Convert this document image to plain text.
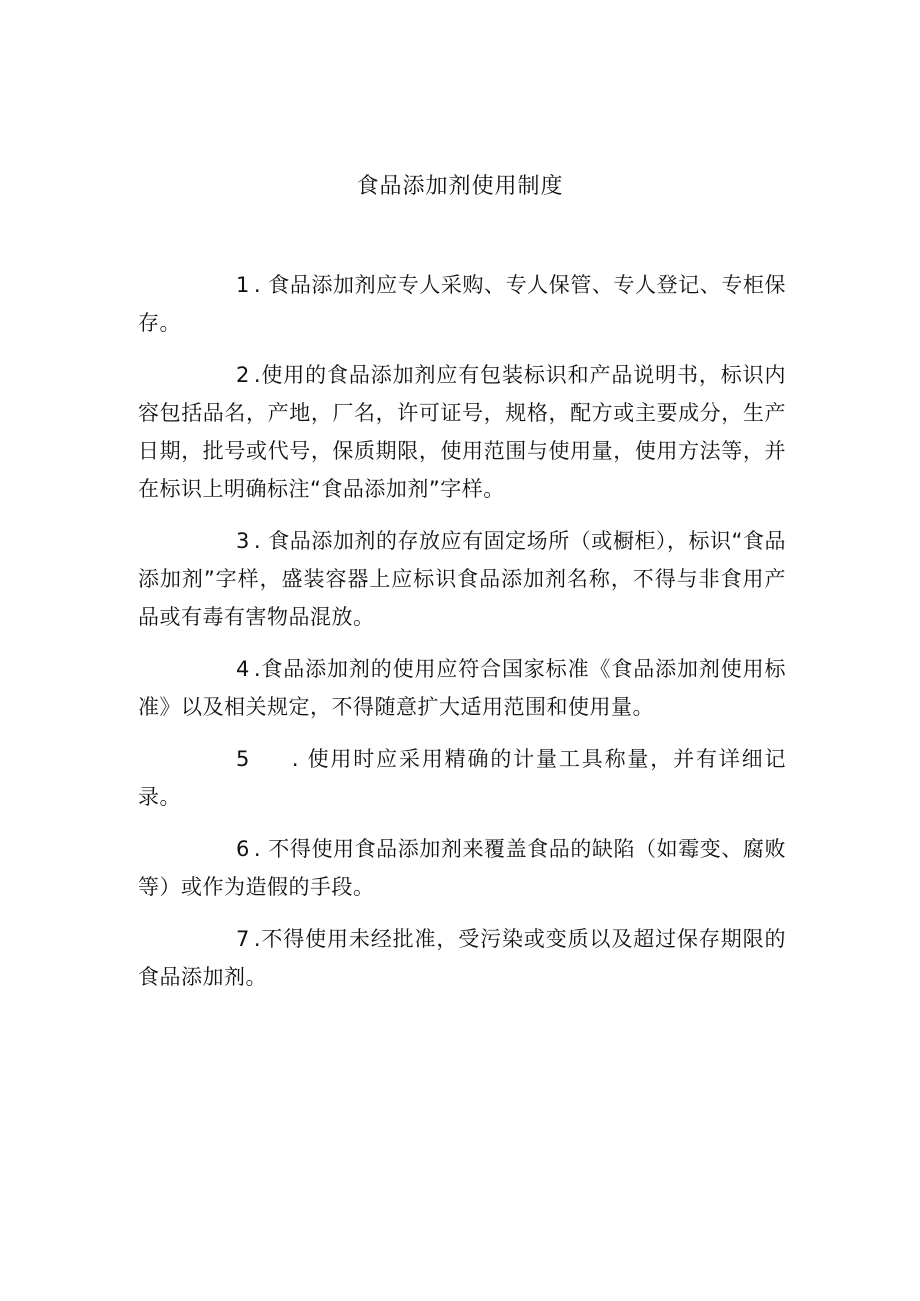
食品添加剂使用制度

1 . 食品添加剂应专人采购、专人保管、专人登记、专柜保存。

2 .使用的食品添加剂应有包装标识和产品说明书，标识内容包括品名，产地，厂名，许可证号，规格，配方或主要成分，生产日期，批号或代号，保质期限，使用范围与使用量，使用方法等，并在标识上明确标注“食品添加剂”字样。

3 . 食品添加剂的存放应有固定场所（或橱柜），标识“食品添加剂”字样，盛装容器上应标识食品添加剂名称，不得与非食用产品或有毒有害物品混放。

4 .食品添加剂的使用应符合国家标准《食品添加剂使用标准》以及相关规定，不得随意扩大适用范围和使用量。

5 . 使用时应采用精确的计量工具称量，并有详细记录。

6 . 不得使用食品添加剂来覆盖食品的缺陷（如霉变、腐败等）或作为造假的手段。

7 .不得使用未经批准，受污染或变质以及超过保存期限的食品添加剂。
